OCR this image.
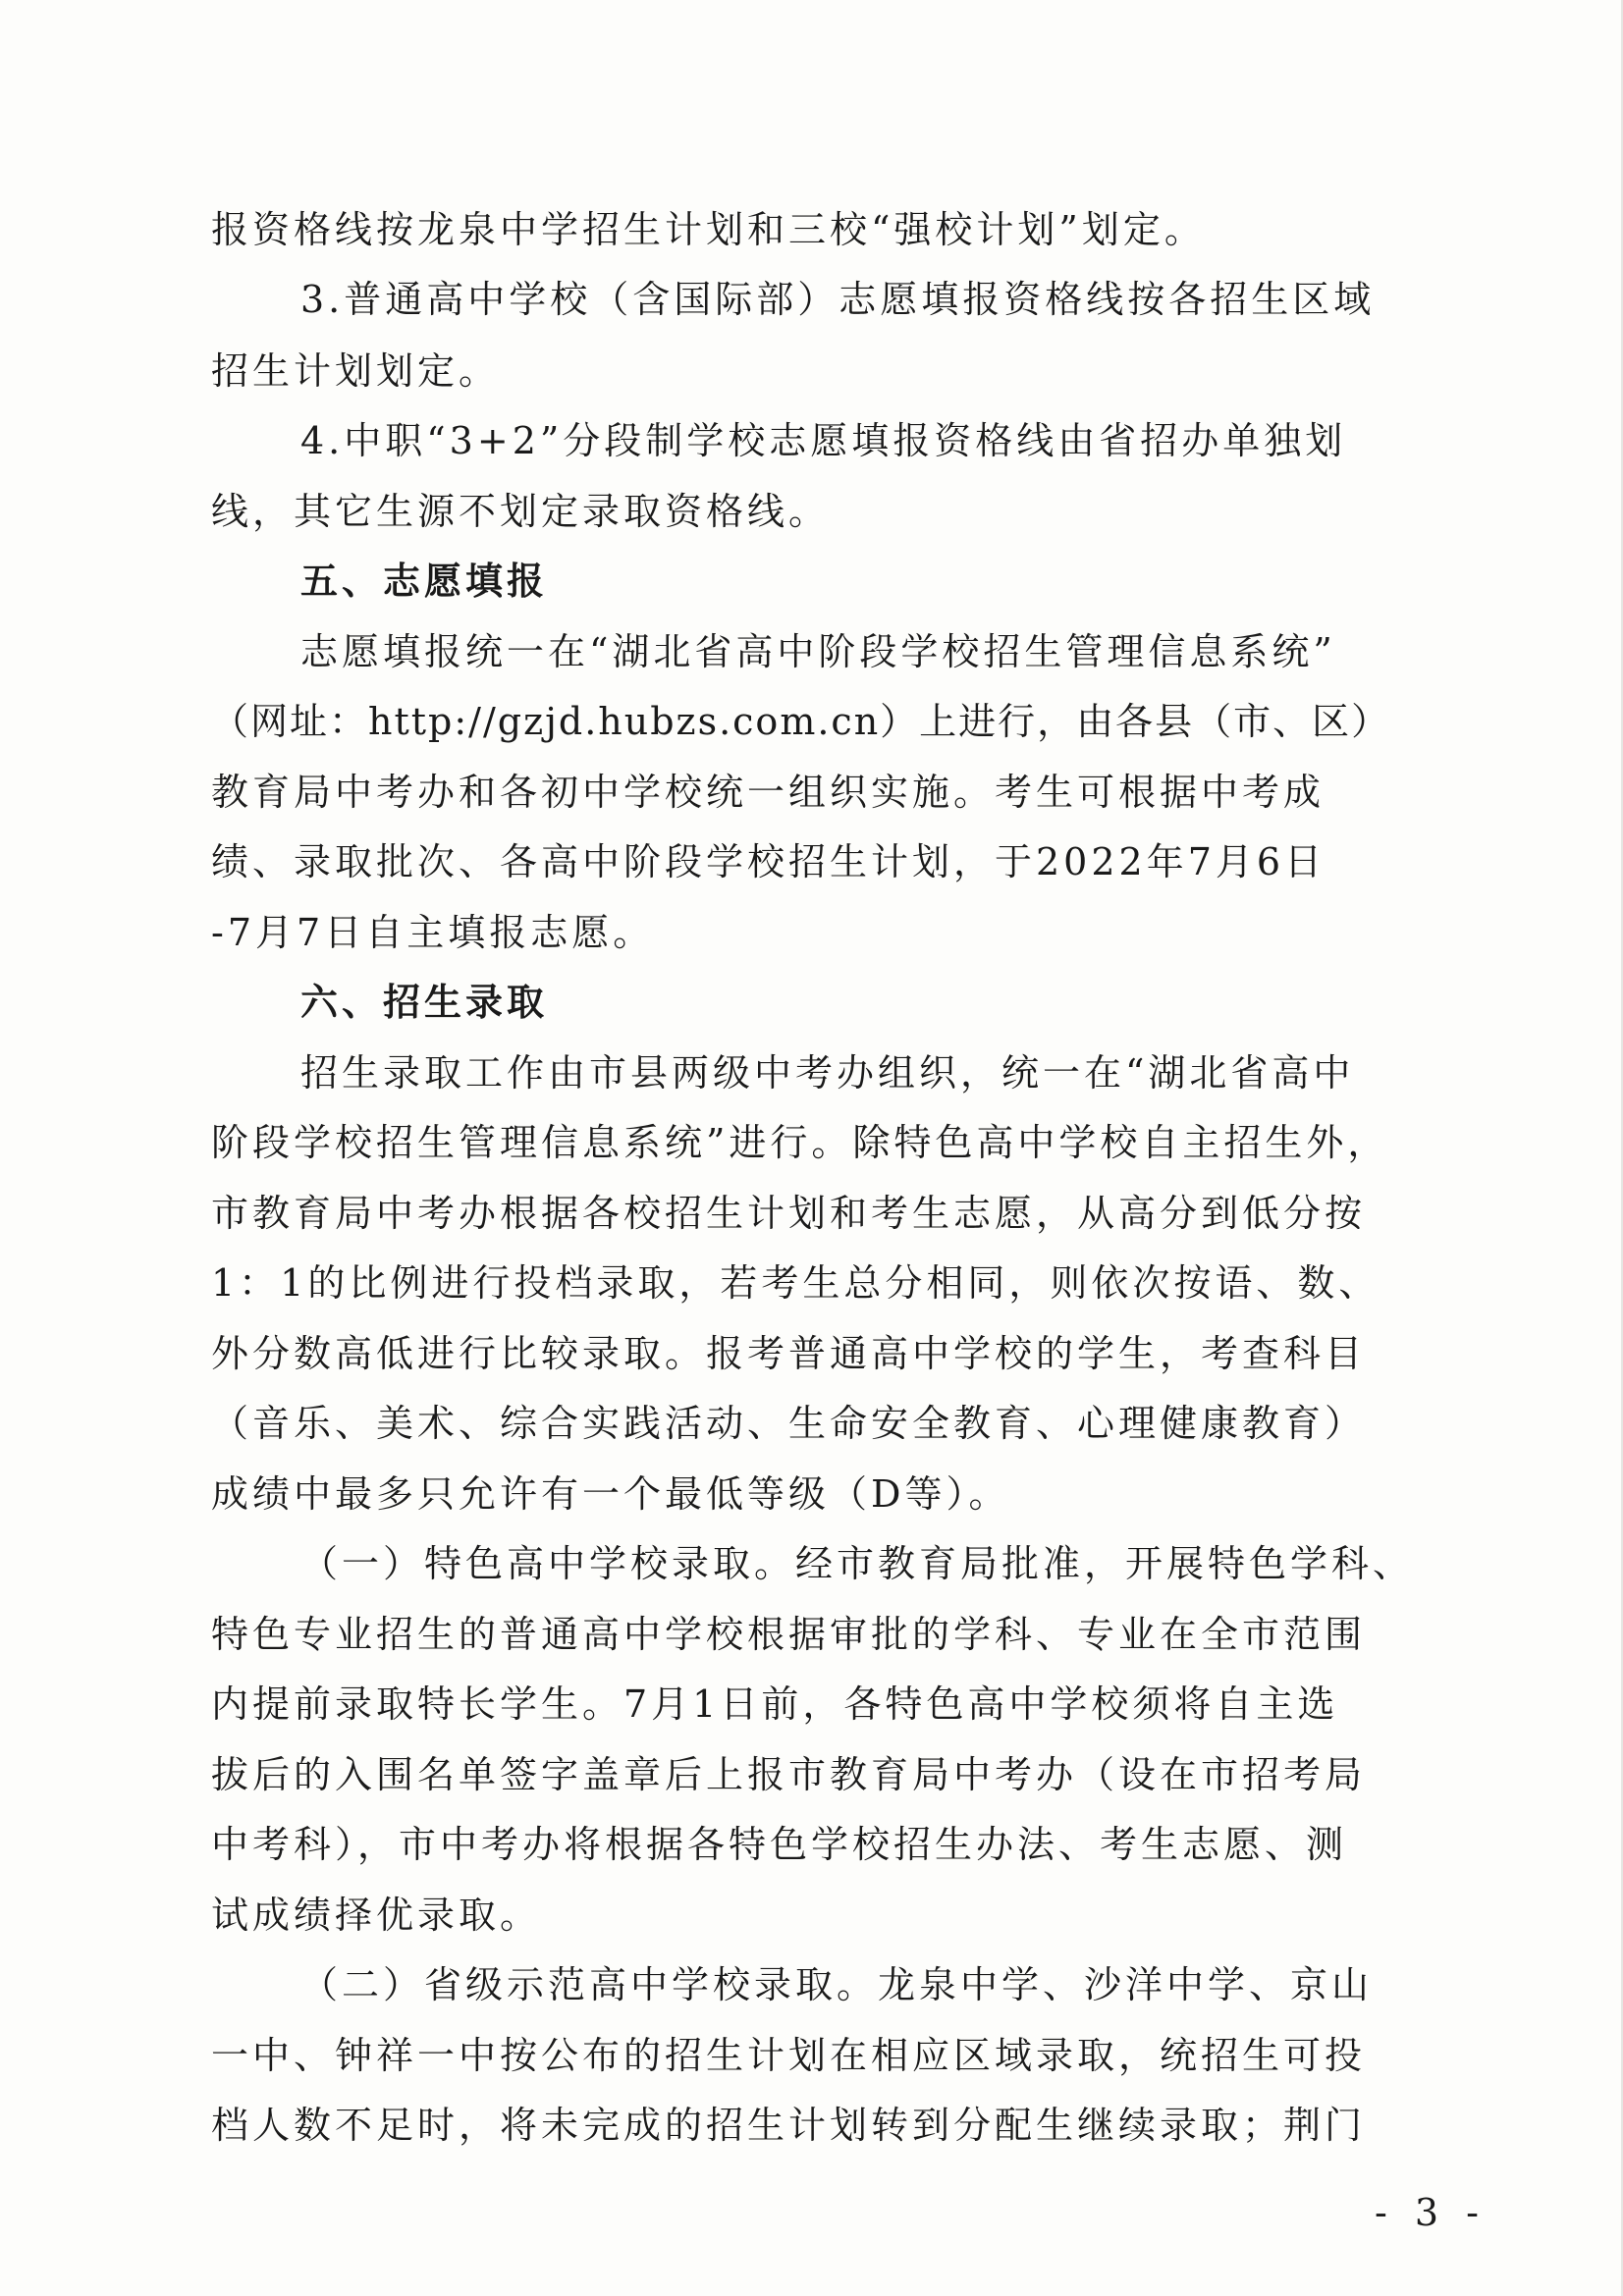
报资格线按龙泉中学招生计划和三校“强校计划”划定。
3.普通高中学校（含国际部）志愿填报资格线按各招生区域
招生计划划定。
4.中职“3+2”分段制学校志愿填报资格线由省招办单独划
线，其它生源不划定录取资格线。
五、志愿填报
志愿填报统一在“湖北省高中阶段学校招生管理信息系统”
（网址：http://gzjd.hubzs.com.cn）上进行，由各县（市、区）
教育局中考办和各初中学校统一组织实施。考生可根据中考成
绩、录取批次、各高中阶段学校招生计划，于2022年7月6日
-7月7日自主填报志愿。
六、招生录取
招生录取工作由市县两级中考办组织，统一在“湖北省高中
阶段学校招生管理信息系统”进行。除特色高中学校自主招生外，
市教育局中考办根据各校招生计划和考生志愿，从高分到低分按
1：1的比例进行投档录取，若考生总分相同，则依次按语、数、
外分数高低进行比较录取。报考普通高中学校的学生，考查科目
（音乐、美术、综合实践活动、生命安全教育、心理健康教育）
成绩中最多只允许有一个最低等级（D等）。
（一）特色高中学校录取。经市教育局批准，开展特色学科、
特色专业招生的普通高中学校根据审批的学科、专业在全市范围
内提前录取特长学生。7月1日前，各特色高中学校须将自主选
拔后的入围名单签字盖章后上报市教育局中考办（设在市招考局
中考科），市中考办将根据各特色学校招生办法、考生志愿、测
试成绩择优录取。
（二）省级示范高中学校录取。龙泉中学、沙洋中学、京山
一中、钟祥一中按公布的招生计划在相应区域录取，统招生可投
档人数不足时，将未完成的招生计划转到分配生继续录取；荆门
- 3 -
